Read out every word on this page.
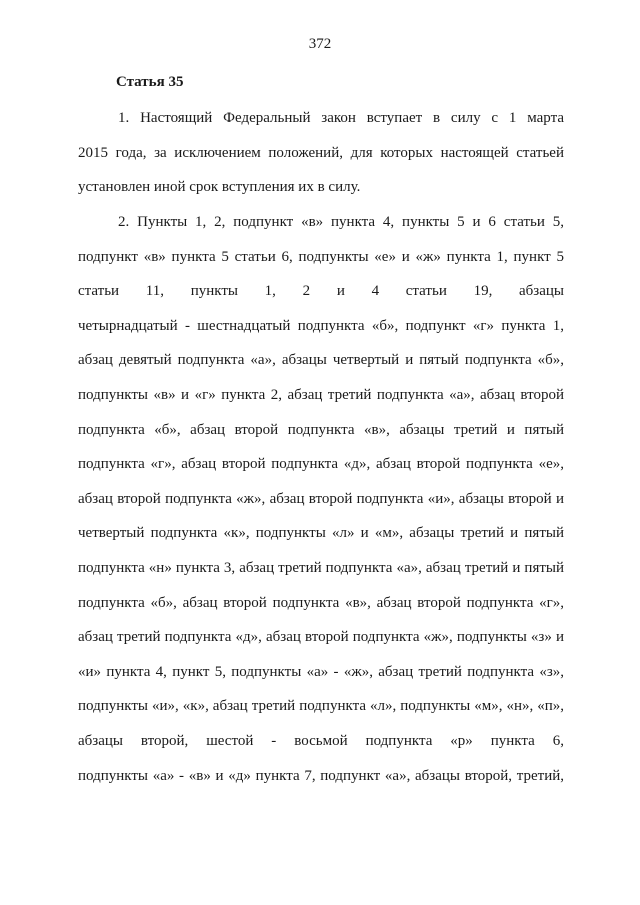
372
Статья 35
1. Настоящий Федеральный закон вступает в силу с 1 марта
2015 года, за исключением положений, для которых настоящей статьей
установлен иной срок вступления их в силу.
2. Пункты 1, 2, подпункт «в» пункта 4, пункты 5 и 6 статьи 5,
подпункт «в» пункта 5 статьи 6, подпункты «е» и «ж» пункта 1, пункт 5
статьи 11, пункты 1, 2 и 4 статьи 19, абзацы
четырнадцатый - шестнадцатый подпункта «б», подпункт «г» пункта 1,
абзац девятый подпункта «а», абзацы четвертый и пятый подпункта «б»,
подпункты «в» и «г» пункта 2, абзац третий подпункта «а», абзац второй
подпункта «б», абзац второй подпункта «в», абзацы третий и пятый
подпункта «г», абзац второй подпункта «д», абзац второй подпункта «е»,
абзац второй подпункта «ж», абзац второй подпункта «и», абзацы второй и
четвертый подпункта «к», подпункты «л» и «м», абзацы третий и пятый
подпункта «н» пункта 3, абзац третий подпункта «а», абзац третий и пятый
подпункта «б», абзац второй подпункта «в», абзац второй подпункта «г»,
абзац третий подпункта «д», абзац второй подпункта «ж», подпункты «з» и
«и» пункта 4, пункт 5, подпункты «а» - «ж», абзац третий подпункта «з»,
подпункты «и», «к», абзац третий подпункта «л», подпункты «м», «н», «п»,
абзацы второй, шестой - восьмой подпункта «р» пункта 6,
подпункты «а» - «в» и «д» пункта 7, подпункт «а», абзацы второй, третий,
